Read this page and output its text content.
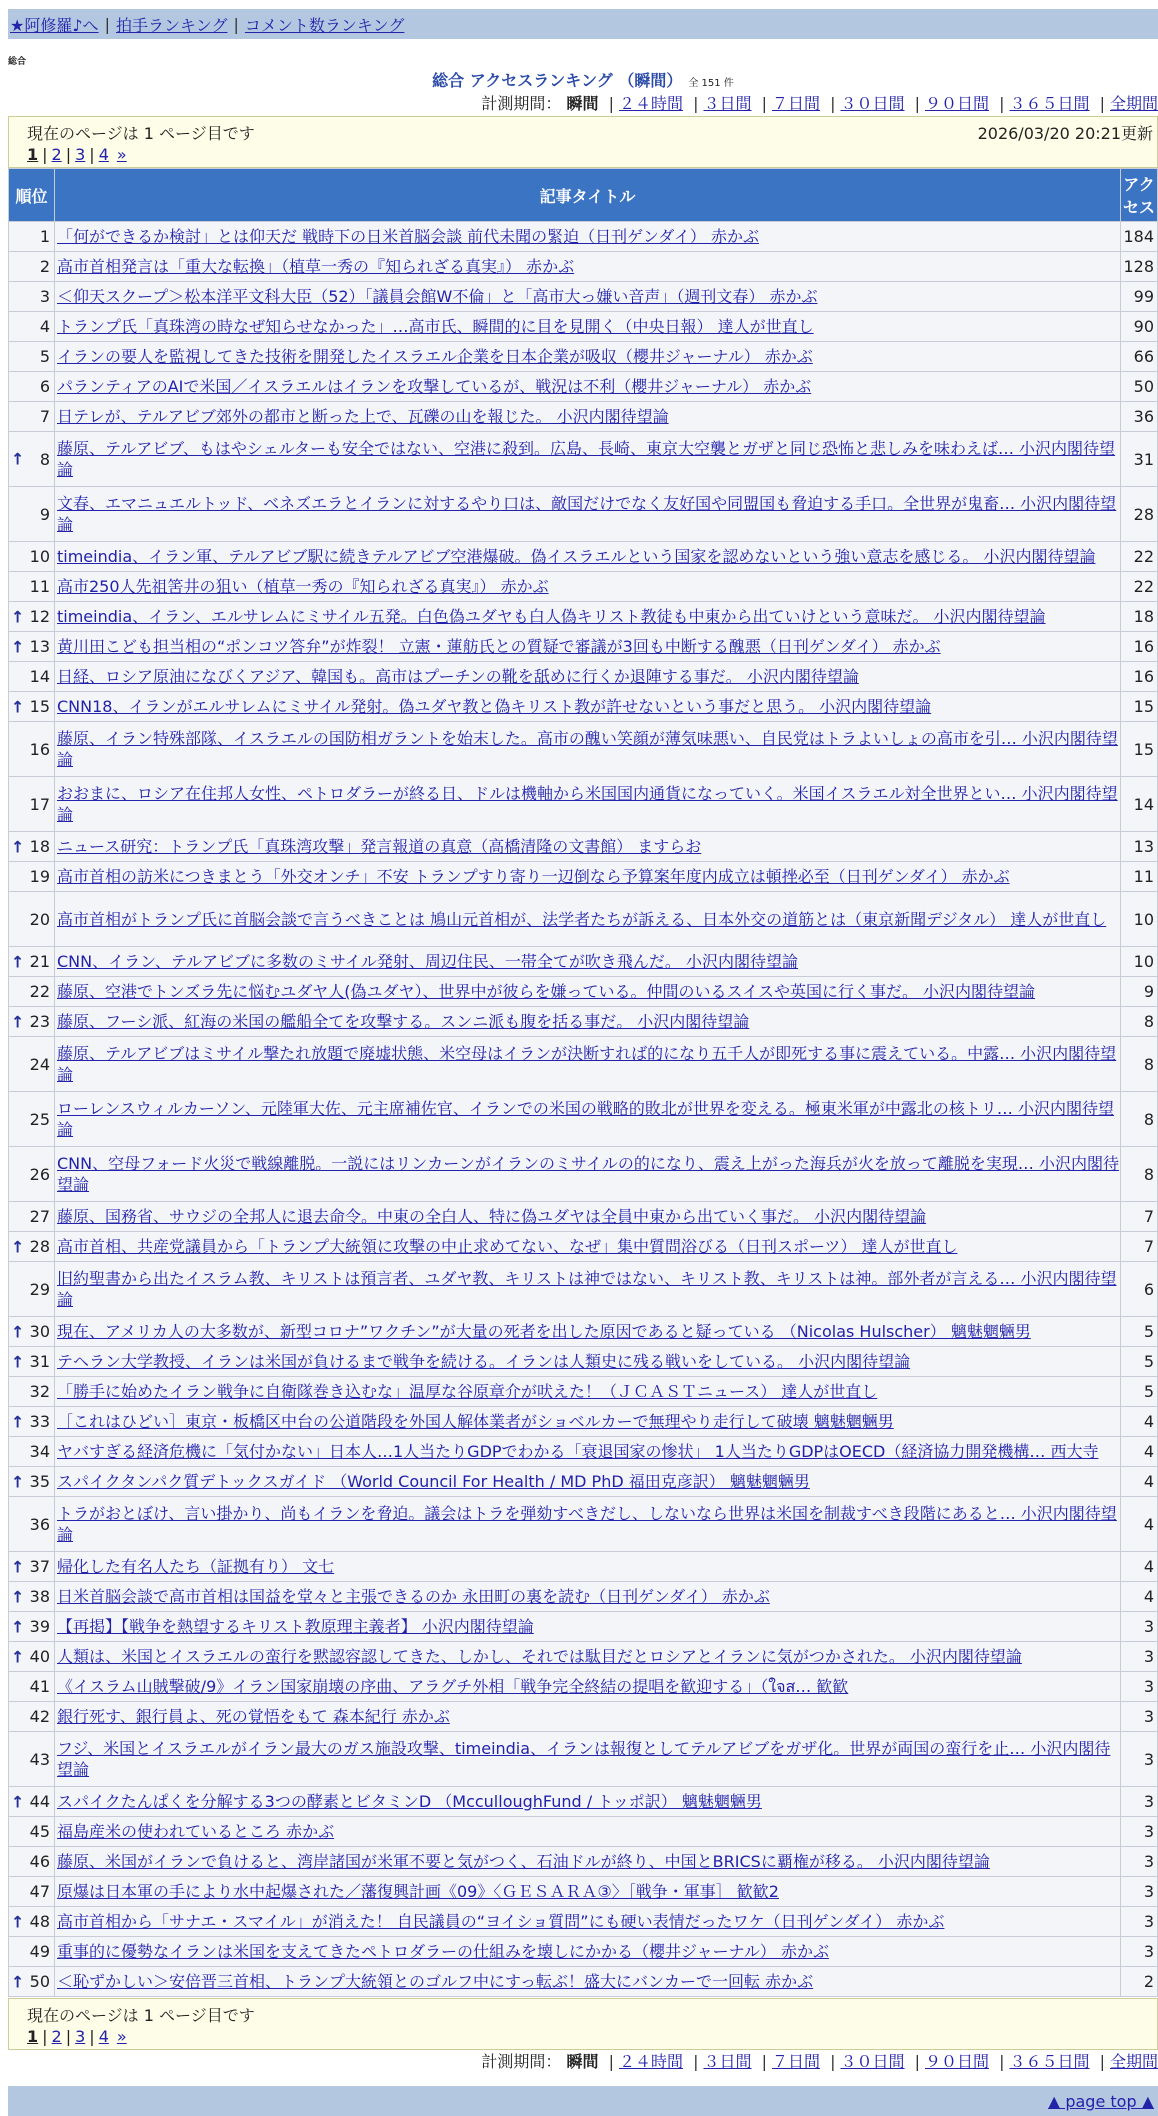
★阿修羅♪へ | 拍手ランキング | コメント数ランキング
総合
総合 アクセスランキング （瞬間） 全 151 件
計測期間： 瞬間 | ２４時間 | ３日間 | ７日間 | ３０日間 | ９０日間 | ３６５日間 | 全期間
現在のページは 1 ページ目です	2026/03/20 20:21更新
1 | 2 | 3 | 4 »
順位	記事タイトル	アクセス
1	「何ができるか検討」とは仰天だ 戦時下の日米首脳会談 前代未聞の緊迫（日刊ゲンダイ） 赤かぶ	184
2	高市首相発言は「重大な転換」（植草一秀の『知られざる真実』） 赤かぶ	128
3	＜仰天スクープ＞松本洋平文科大臣（52）「議員会館W不倫」と「高市大っ嫌い音声」（週刊文春） 赤かぶ	99
4	トランプ氏「真珠湾の時なぜ知らせなかった」…高市氏、瞬間的に目を見開く（中央日報） 達人が世直し	90
5	イランの要人を監視してきた技術を開発したイスラエル企業を日本企業が吸収（櫻井ジャーナル） 赤かぶ	66
6	パランティアのAIで米国／イスラエルはイランを攻撃しているが、戦況は不利（櫻井ジャーナル） 赤かぶ	50
7	日テレが、テルアビブ郊外の都市と断った上で、瓦礫の山を報じた。 小沢内閣待望論	36

↑ 8	藤原、テルアビブ、もはやシェルターも安全ではない、空港に殺到。広島、長崎、東京大空襲とガザと同じ恐怖と悲しみを味わえば… 小沢内閣待望論	31
9	文春、エマニュエルトッド、ベネズエラとイランに対するやり口は、敵国だけでなく友好国や同盟国も脅迫する手口。全世界が鬼畜… 小沢内閣待望論	28
10	timeindia、イラン軍、テルアビブ駅に続きテルアビブ空港爆破。偽イスラエルという国家を認めないという強い意志を感じる。 小沢内閣待望論	22
11	高市250人先祖筈井の狙い（植草一秀の『知られざる真実』） 赤かぶ	22

↑ 12	timeindia、イラン、エルサレムにミサイル五発。白色偽ユダヤも白人偽キリスト教徒も中東から出ていけという意味だ。 小沢内閣待望論	18

↑ 13	黄川田こども担当相の“ポンコツ答弁”が炸裂！ 立憲・蓮舫氏との質疑で審議が3回も中断する醜悪（日刊ゲンダイ） 赤かぶ	16
14	日経、ロシア原油になびくアジア、韓国も。高市はプーチンの靴を舐めに行くか退陣する事だ。 小沢内閣待望論	16

↑ 15	CNN18、イランがエルサレムにミサイル発射。偽ユダヤ教と偽キリスト教が許せないという事だと思う。 小沢内閣待望論	15
16	藤原、イラン特殊部隊、イスラエルの国防相ガラントを始末した。高市の醜い笑顔が薄気味悪い、自民党はトラよいしょの高市を引… 小沢内閣待望論	15
17	おおまに、ロシア在住邦人女性、ペトロダラーが終る日、ドルは機軸から米国国内通貨になっていく。米国イスラエル対全世界とい… 小沢内閣待望論	14

↑ 18	ニュース研究：トランプ氏「真珠湾攻撃」発言報道の真意（高橋清隆の文書館） ますらお	13
19	高市首相の訪米につきまとう「外交オンチ」不安 トランプすり寄り一辺倒なら予算案年度内成立は頓挫必至（日刊ゲンダイ） 赤かぶ	11
20	高市首相がトランプ氏に首脳会談で言うべきことは 鳩山元首相が、法学者たちが訴える、日本外交の道筋とは（東京新聞デジタル） 達人が世直し	10

↑ 21	CNN、イラン、テルアビブに多数のミサイル発射、周辺住民、一帯全てが吹き飛んだ。 小沢内閣待望論	10
22	藤原、空港でトンズラ先に悩むユダヤ人(偽ユダヤ）、世界中が彼らを嫌っている。仲間のいるスイスや英国に行く事だ。 小沢内閣待望論	9

↑ 23	藤原、フーシ派、紅海の米国の艦船全てを攻撃する。スンニ派も腹を括る事だ。 小沢内閣待望論	8
24	藤原、テルアビブはミサイル撃たれ放題で廃墟状態、米空母はイランが決断すれば的になり五千人が即死する事に震えている。中露… 小沢内閣待望論	8
25	ローレンスウィルカーソン、元陸軍大佐、元主席補佐官、イランでの米国の戦略的敗北が世界を変える。極東米軍が中露北の核トリ… 小沢内閣待望論	8
26	CNN、空母フォード火災で戦線離脱。一説にはリンカーンがイランのミサイルの的になり、震え上がった海兵が火を放って離脱を実現… 小沢内閣待望論	8
27	藤原、国務省、サウジの全邦人に退去命令。中東の全白人、特に偽ユダヤは全員中東から出ていく事だ。 小沢内閣待望論	7

↑ 28	高市首相、共産党議員から「トランプ大統領に攻撃の中止求めてない、なぜ」集中質問浴びる（日刊スポーツ） 達人が世直し	7
29	旧約聖書から出たイスラム教、キリストは預言者、ユダヤ教、キリストは神ではない、キリスト教、キリストは神。部外者が言える… 小沢内閣待望論	6

↑ 30	現在、アメリカ人の大多数が、新型コロナ”ワクチン”が大量の死者を出した原因であると疑っている （Nicolas Hulscher） 魑魅魍魎男	5

↑ 31	テヘラン大学教授、イランは米国が負けるまで戦争を続ける。イランは人類史に残る戦いをしている。 小沢内閣待望論	5
32	「勝手に始めたイラン戦争に自衛隊巻き込むな」温厚な谷原章介が吠えた！（ＪＣＡＳＴニュース） 達人が世直し	5

↑ 33	［これはひどい］東京・板橋区中台の公道階段を外国人解体業者がショベルカーで無理やり走行して破壊 魑魅魍魎男	4
34	ヤバすぎる経済危機に「気付かない」日本人…1人当たりGDPでわかる「衰退国家の惨状」 1人当たりGDPはOECD（経済協力開発機構… 西大寺	4

↑ 35	スパイクタンパク質デトックスガイド （World Council For Health / MD PhD 福田克彦訳） 魑魅魍魎男	4
36	トラがおとぼけ、言い掛かり、尚もイランを脅迫。議会はトラを弾劾すべきだし、しないなら世界は米国を制裁すべき段階にあると… 小沢内閣待望論	4

↑ 37	帰化した有名人たち（証拠有り） 文七	4

↑ 38	日米首脳会談で高市首相は国益を堂々と主張できるのか 永田町の裏を読む（日刊ゲンダイ） 赤かぶ	4

↑ 39	【再掲】【戦争を熱望するキリスト教原理主義者】 小沢内閣待望論	3

↑ 40	人類は、米国とイスラエルの蛮行を黙認容認してきた、しかし、それでは駄目だとロシアとイランに気がつかされた。 小沢内閣待望論	3
41	《イスラム山賊撃破/9》イラン国家崩壊の序曲、アラグチ外相「戦争完全終結の提唱を歓迎する」（ใจส… 歓歓	3
42	銀行死す、銀行員よ、死の覚悟をもて 森本紀行 赤かぶ	3
43	フジ、米国とイスラエルがイラン最大のガス施設攻撃、timeindia、イランは報復としてテルアビブをガザ化。世界が両国の蛮行を止… 小沢内閣待望論	3

↑ 44	スパイクたんぱくを分解する3つの酵素とビタミンD （McculloughFund / トッポ訳） 魑魅魍魎男	3
45	福島産米の使われているところ 赤かぶ	3
46	藤原、米国がイランで負けると、湾岸諸国が米軍不要と気がつく、石油ドルが終り、中国とBRICSに覇権が移る。 小沢内閣待望論	3
47	原爆は日本軍の手により水中起爆された／藩復興計画《09》〈ＧＥＳＡＲＡ③〉［戦争・軍事］ 歓歓2	3

↑ 48	高市首相から「サナエ・スマイル」が消えた！ 自民議員の“ヨイショ質問”にも硬い表情だったワケ（日刊ゲンダイ） 赤かぶ	3
49	重事的に優勢なイランは米国を支えてきたペトロダラーの仕組みを壊しにかかる（櫻井ジャーナル） 赤かぶ	3

↑ 50	＜恥ずかしい＞安倍晋三首相、トランプ大統領とのゴルフ中にすっ転ぶ！盛大にバンカーで一回転 赤かぶ	2
現在のページは 1 ページ目です
1 | 2 | 3 | 4 »
計測期間： 瞬間 | ２４時間 | ３日間 | ７日間 | ３０日間 | ９０日間 | ３６５日間 | 全期間
▲ page top ▲
